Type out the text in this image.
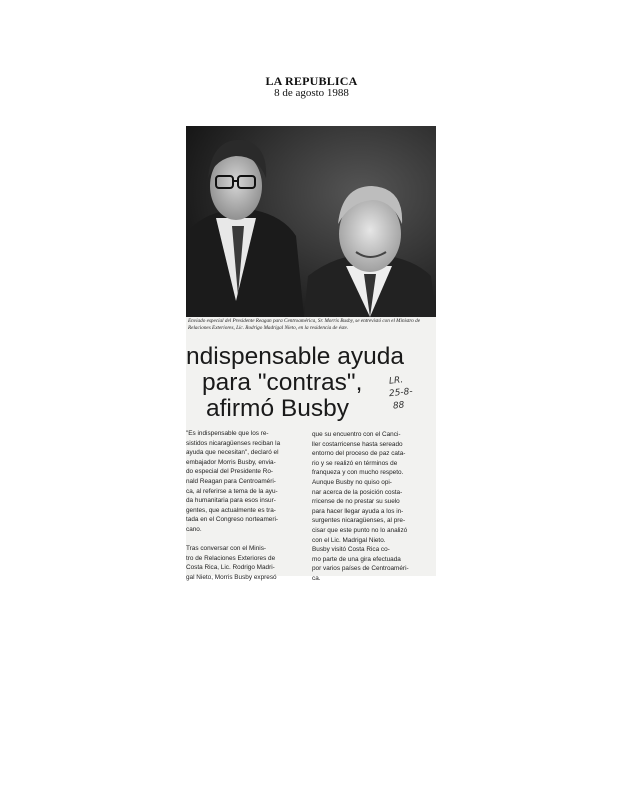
LA REPUBLICA
8 de agosto 1988
Enviado especial del Presidente Reagan para Centroamérica, Sr. Morris Busby, se entrevistó con el Ministro de Relaciones Exteriores, Lic. Rodrigo Madrigal Nieto, en la residencia de éste.
ndispensable ayuda
para "contras",
afirmó Busby
LR.
25-8-
88
"Es indispensable que los re-
sistidos nicaragüenses reciban la
ayuda que necesitan", declaró el
embajador Morris Busby, envia-
do especial del Presidente Ro-
nald Reagan para Centroaméri-
ca, al referirse a tema de la ayu-
da humanitaria para esos insur-
gentes, que actualmente es tra-
tada en el Congreso norteameri-
cano.
Tras conversar con el Minis-
tro de Relaciones Exteriores de
Costa Rica, Lic. Rodrigo Madri-
gal Nieto, Morris Busby expresó
que su encuentro con el Canci-
ller costarricense hasta sereado
entorno del proceso de paz cata-
rio y se realizó en términos de
franqueza y con mucho respeto.
Aunque Busby no quiso opi-
nar acerca de la posición costa-
rricense de no prestar su suelo
para hacer llegar ayuda a los in-
surgentes nicaragüenses, al pre-
cisar que este punto no lo analizó
con el Lic. Madrigal Nieto.
Busby visitó Costa Rica co-
mo parte de una gira efectuada
por varios países de Centroaméri-
ca.
